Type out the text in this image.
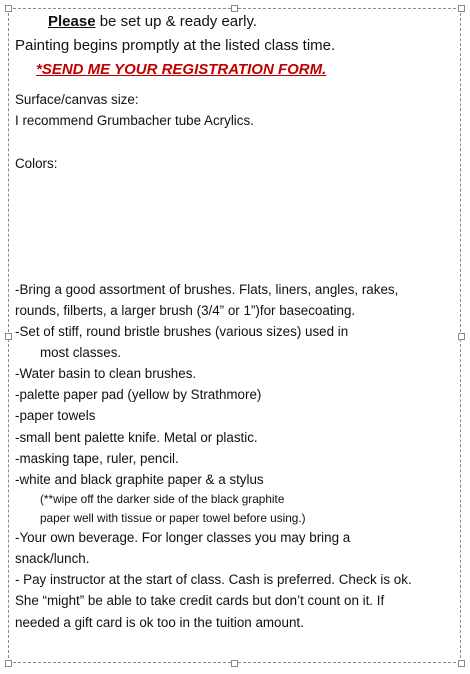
Please be set up & ready early.
Painting begins promptly at the listed class time.
*SEND ME YOUR REGISTRATION FORM.
Surface/canvas size:
I recommend Grumbacher tube Acrylics.
Colors:
-Bring a good assortment of brushes. Flats, liners, angles, rakes,
rounds, filberts, a larger brush (3/4” or 1”)for basecoating.
-Set of stiff, round bristle brushes (various sizes) used in
most classes.
-Water basin to clean brushes.
-palette paper pad (yellow by Strathmore)
-paper towels
-small bent palette knife. Metal or plastic.
-masking tape, ruler, pencil.
-white and black graphite paper & a stylus
(**wipe off the darker side of the black graphite
paper well with tissue or paper towel before using.)
-Your own beverage. For longer classes you may bring a
snack/lunch.
- Pay instructor at the start of class. Cash is preferred. Check is ok.
She “might” be able to take credit cards but don’t count on it. If
needed a gift card is ok too in the tuition amount.
